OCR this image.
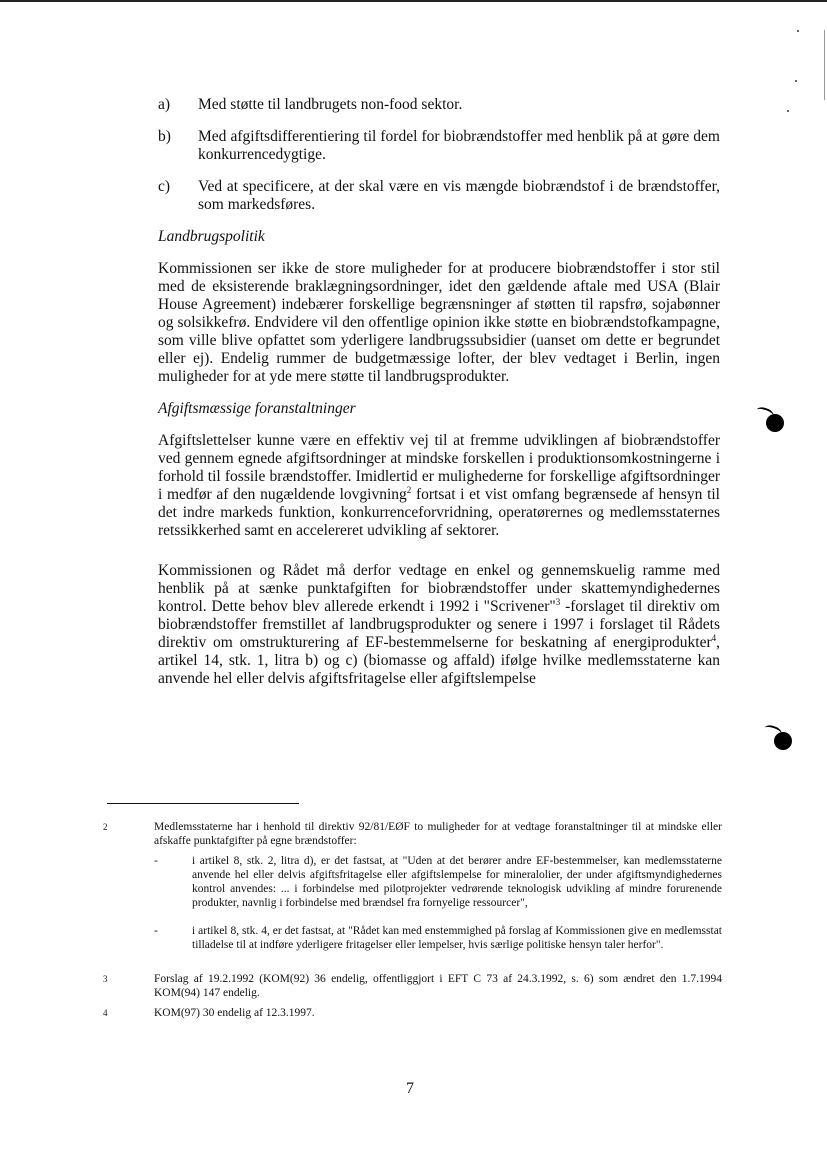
a)	Med støtte til landbrugets non-food sektor.
b)	Med afgiftsdifferentiering til fordel for biobrændstoffer med henblik på at gøre dem konkurrencedygtige.
c)	Ved at specificere, at der skal være en vis mængde biobrændstof i de brændstoffer, som markedsføres.
Landbrugspolitik

Kommissionen ser ikke de store muligheder for at producere biobrændstoffer i stor stil med de eksisterende braklægningsordninger, idet den gældende aftale med USA (Blair House Agreement) indebærer forskellige begrænsninger af støtten til rapsfrø, sojabønner og solsikkefrø. Endvidere vil den offentlige opinion ikke støtte en biobrændstofkampagne, som ville blive opfattet som yderligere landbrugssubsidier (uanset om dette er begrundet eller ej). Endelig rummer de budgetmæssige lofter, der blev vedtaget i Berlin, ingen muligheder for at yde mere støtte til landbrugsprodukter.

Afgiftsmæssige foranstaltninger

Afgiftslettelser kunne være en effektiv vej til at fremme udviklingen af biobrændstoffer ved gennem egnede afgiftsordninger at mindske forskellen i produktionsomkostningerne i forhold til fossile brændstoffer. Imidlertid er mulighederne for forskellige afgiftsordninger i medfør af den nugældende lovgivning$^2$ fortsat i et vist omfang begrænsede af hensyn til det indre markeds funktion, konkurrenceforvridning, operatørernes og medlemsstaternes retssikkerhed samt en accelereret udvikling af sektorer.

Kommissionen og Rådet må derfor vedtage en enkel og gennemskuelig ramme med henblik på at sænke punktafgiften for biobrændstoffer under skattemyndighedernes kontrol. Dette behov blev allerede erkendt i 1992 i "Scrivener"$^3$ -forslaget til direktiv om biobrændstoffer fremstillet af landbrugsprodukter og senere i 1997 i forslaget til Rådets direktiv om omstrukturering af EF-bestemmelserne for beskatning af energiprodukter$^4$, artikel 14, stk. 1, litra b) og c) (biomasse og affald) ifølge hvilke medlemsstaterne kan anvende hel eller delvis afgiftsfritagelse eller afgiftslempelse

2	Medlemsstaterne har i henhold til direktiv 92/81/EØF to muligheder for at vedtage foranstaltninger til at mindske eller afskaffe punktafgifter på egne brændstoffer:
-	i artikel 8, stk. 2, litra d), er det fastsat, at "Uden at det berører andre EF-bestemmelser, kan medlemsstaterne anvende hel eller delvis afgiftsfritagelse eller afgiftslempelse for mineralolier, der under afgiftsmyndighedernes kontrol anvendes: ... i forbindelse med pilotprojekter vedrørende teknologisk udvikling af mindre forurenende produkter, navnlig i forbindelse med brændsel fra fornyelige ressourcer",
-	i artikel 8, stk. 4, er det fastsat, at "Rådet kan med enstemmighed på forslag af Kommissionen give en medlemsstat tilladelse til at indføre yderligere fritagelser eller lempelser, hvis særlige politiske hensyn taler herfor".
3	Forslag af 19.2.1992 (KOM(92) 36 endelig, offentliggjort i EFT C 73 af 24.3.1992, s. 6) som ændret den 1.7.1994 KOM(94) 147 endelig.
4	KOM(97) 30 endelig af 12.3.1997.
7
